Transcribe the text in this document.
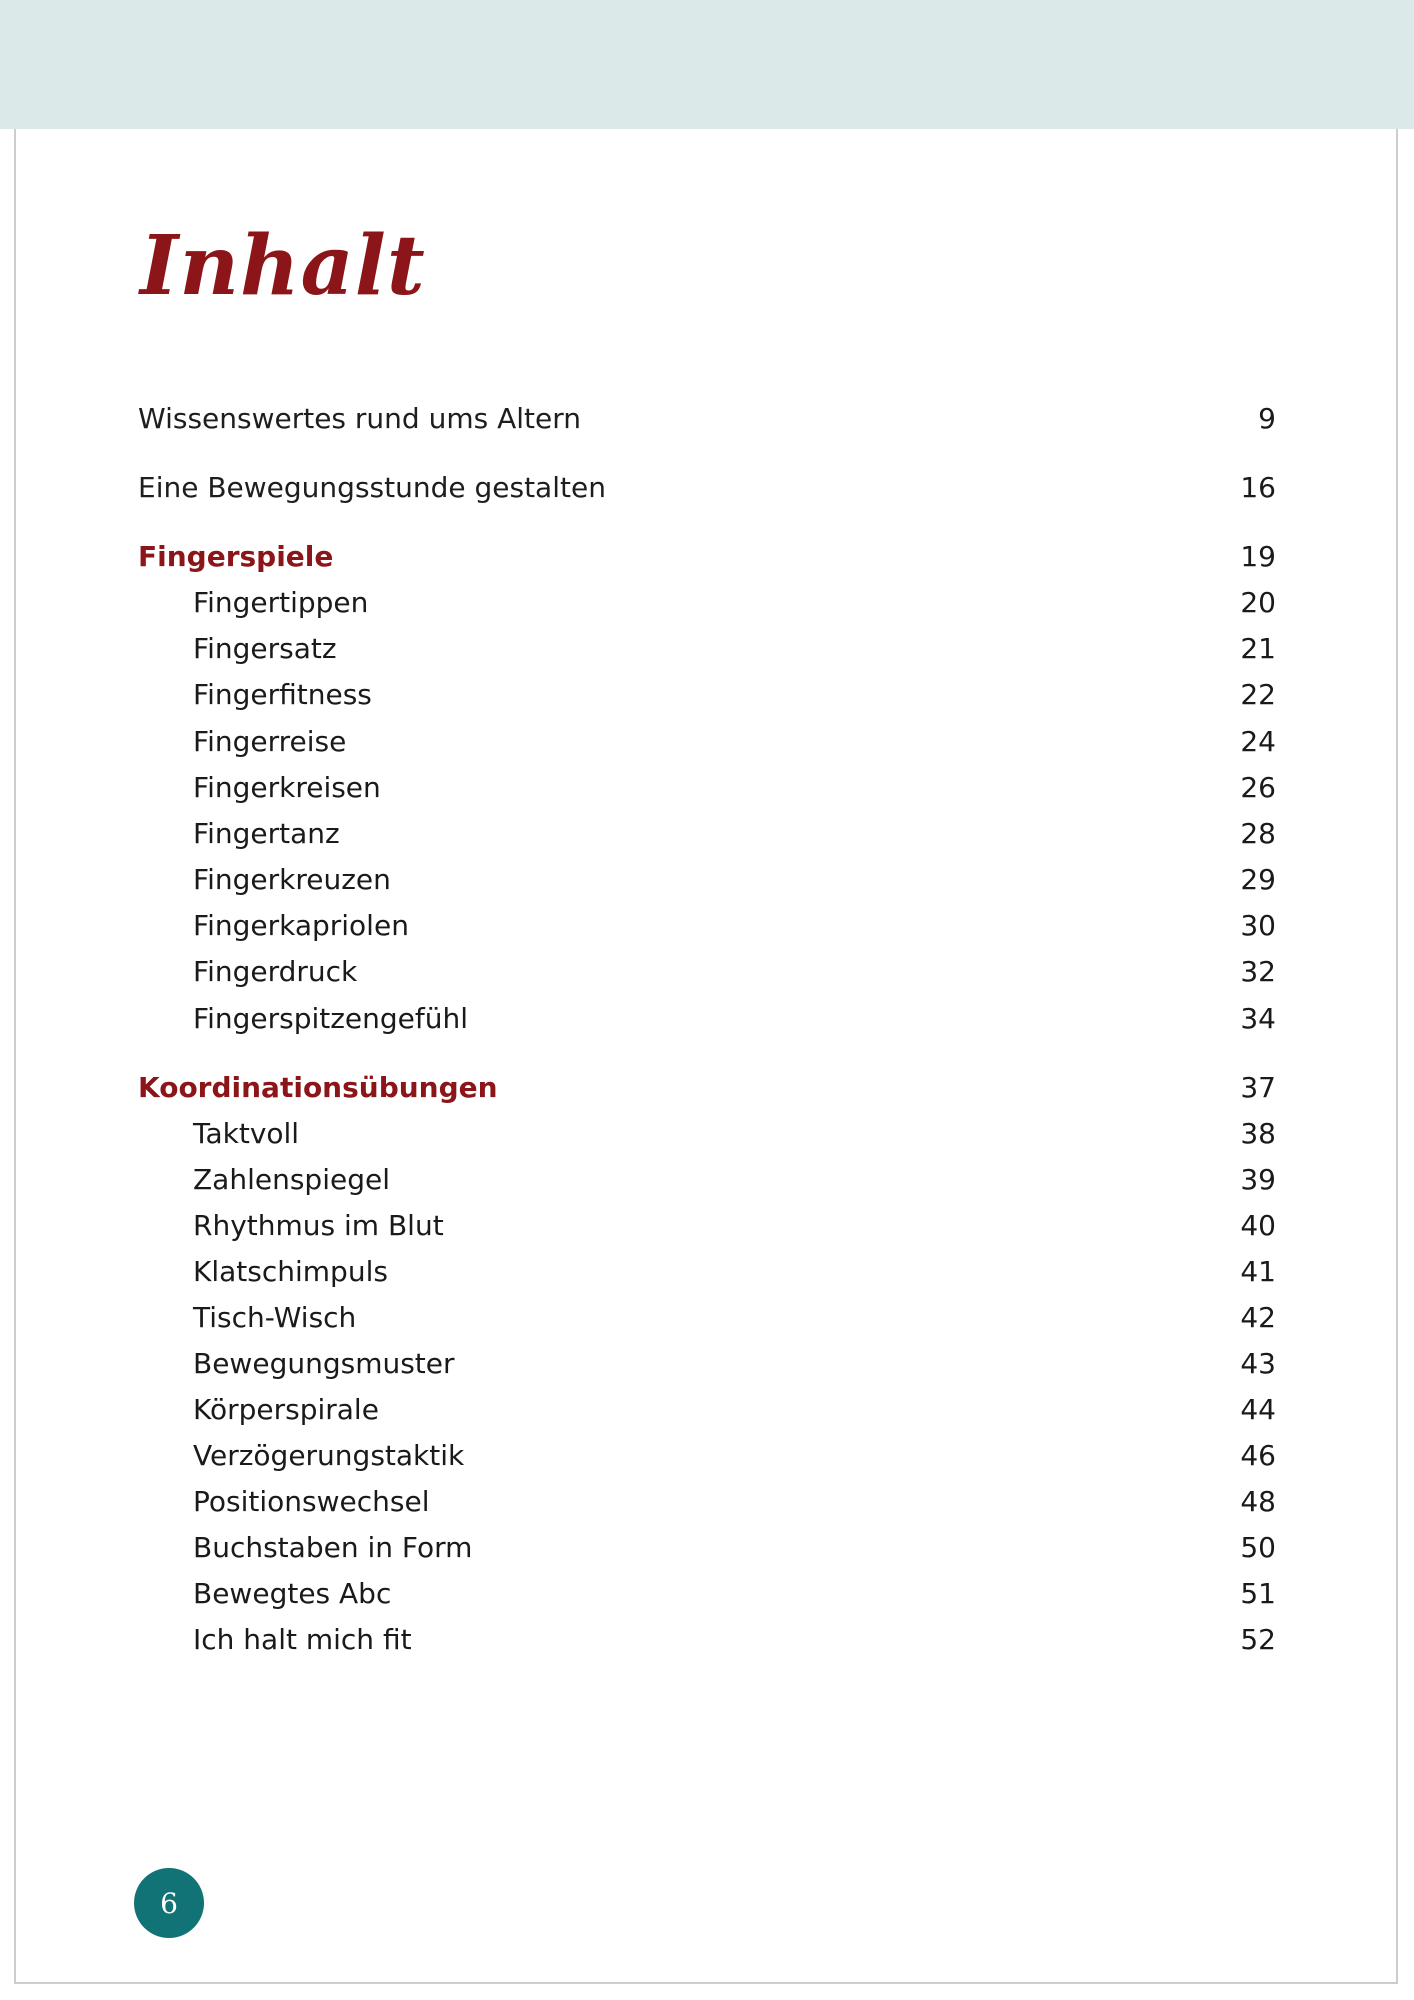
Inhalt
Wissenswertes rund ums Altern	9
Eine Bewegungsstunde gestalten	16
Fingerspiele	19
Fingertippen	20
Fingersatz	21
Fingerfitness	22
Fingerreise	24
Fingerkreisen	26
Fingertanz	28
Fingerkreuzen	29
Fingerkapriolen	30
Fingerdruck	32
Fingerspitzengefühl	34
Koordinationsübungen	37
Taktvoll	38
Zahlenspiegel	39
Rhythmus im Blut	40
Klatschimpuls	41
Tisch-Wisch	42
Bewegungsmuster	43
Körperspirale	44
Verzögerungstaktik	46
Positionswechsel	48
Buchstaben in Form	50
Bewegtes Abc	51
Ich halt mich fit	52
6
